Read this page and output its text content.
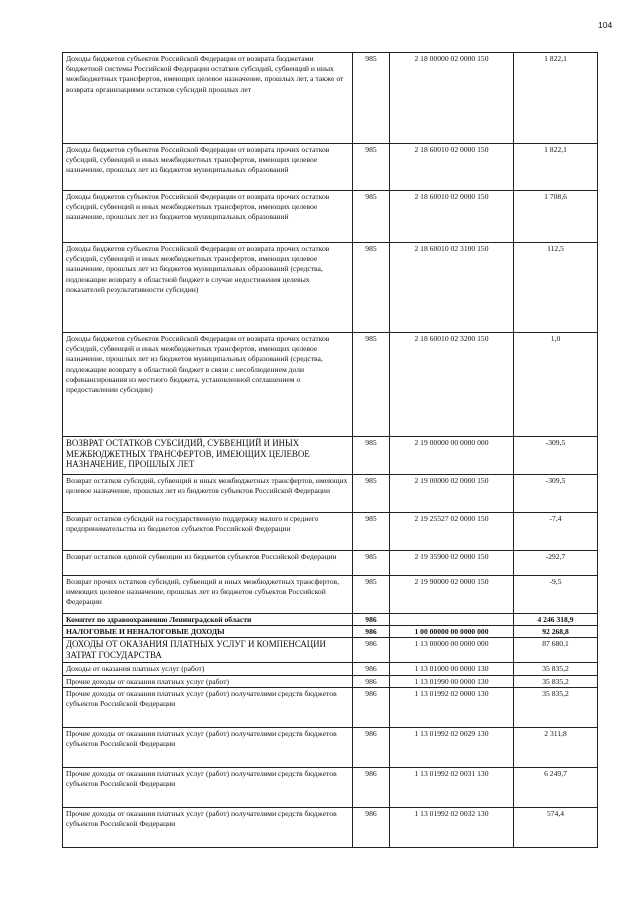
104
Доходы бюджетов субъектов Российской Федерации от возврата бюджетами бюджетной системы Российской Федерации остатков субсидий, субвенций и иных межбюджетных трансфертов, имеющих целевое назначение, прошлых лет, а также от возврата организациями остатков субсидий прошлых лет	985	2 18 00000 02 0000 150	1 822,1
Доходы бюджетов субъектов Российской Федерации от возврата прочих остатков субсидий, субвенций и иных межбюджетных трансфертов, имеющих целевое назначение, прошлых лет из бюджетов муниципальных образований	985	2 18 60010 02 0000 150	1 822,1
Доходы бюджетов субъектов Российской Федерации от возврата прочих остатков субсидий, субвенций и иных межбюджетных трансфертов, имеющих целевое назначение, прошлых лет из бюджетов муниципальных образований	985	2 18 60010 02 0000 150	1 708,6
Доходы бюджетов субъектов Российской Федерации от возврата прочих остатков субсидий, субвенций и иных межбюджетных трансфертов, имеющих целевое назначение, прошлых лет из бюджетов муниципальных образований (средства, подлежащие возврату в областной бюджет в случае недостижения целевых показателей результативности субсидии)	985	2 18 60010 02 3100 150	112,5
Доходы бюджетов субъектов Российской Федерации от возврата прочих остатков субсидий, субвенций и иных межбюджетных трансфертов, имеющих целевое назначение, прошлых лет из бюджетов муниципальных образований (средства, подлежащие возврату в областной бюджет в связи с несоблюдением доли софинансирования из местного бюджета, установленной соглашением о предоставлении субсидии)	985	2 18 60010 02 3200 150	1,0
ВОЗВРАТ ОСТАТКОВ СУБСИДИЙ, СУБВЕНЦИЙ И ИНЫХ МЕЖБЮДЖЕТНЫХ ТРАНСФЕРТОВ, ИМЕЮЩИХ ЦЕЛЕВОЕ НАЗНАЧЕНИЕ, ПРОШЛЫХ ЛЕТ	985	2 19 00000 00 0000 000	-309,5
Возврат остатков субсидий, субвенций и иных межбюджетных трансфертов, имеющих целевое назначение, прошлых лет из бюджетов субъектов Российской Федерации	985	2 19 00000 02 0000 150	-309,5
Возврат остатков субсидий на государственную поддержку малого и среднего предпринимательства из бюджетов субъектов Российской Федерации	985	2 19 25527 02 0000 150	-7,4
Возврат остатков единой субвенции из бюджетов субъектов Российской Федерации	985	2 19 35900 02 0000 150	-292,7
Возврат прочих остатков субсидий, субвенций и иных межбюджетных трансфертов, имеющих целевое назначение, прошлых лет из бюджетов субъектов Российской Федерации	985	2 19 90000 02 0000 150	-9,5
Комитет по здравоохранению Ленинградской области	986		4 246 318,9
НАЛОГОВЫЕ И НЕНАЛОГОВЫЕ ДОХОДЫ	986	1 00 00000 00 0000 000	92 268,8
ДОХОДЫ ОТ ОКАЗАНИЯ ПЛАТНЫХ УСЛУГ И КОМПЕНСАЦИИ ЗАТРАТ ГОСУДАРСТВА	986	1 13 00000 00 0000 000	87 680,1
Доходы от оказания платных услуг (работ)	986	1 13 01000 00 0000 130	35 835,2
Прочие доходы от оказания платных услуг (работ)	986	1 13 01990 00 0000 130	35 835,2
Прочие доходы от оказания платных услуг (работ) получателями средств бюджетов субъектов Российской Федерации	986	1 13 01992 02 0000 130	35 835,2
Прочие доходы от оказания платных услуг (работ) получателями средств бюджетов субъектов Российской Федерации	986	1 13 01992 02 0029 130	2 311,8
Прочие доходы от оказания платных услуг (работ) получателями средств бюджетов субъектов Российской Федерации	986	1 13 01992 02 0031 130	6 249,7
Прочие доходы от оказания платных услуг (работ) получателями средств бюджетов субъектов Российской Федерации	986	1 13 01992 02 0032 130	574,4
